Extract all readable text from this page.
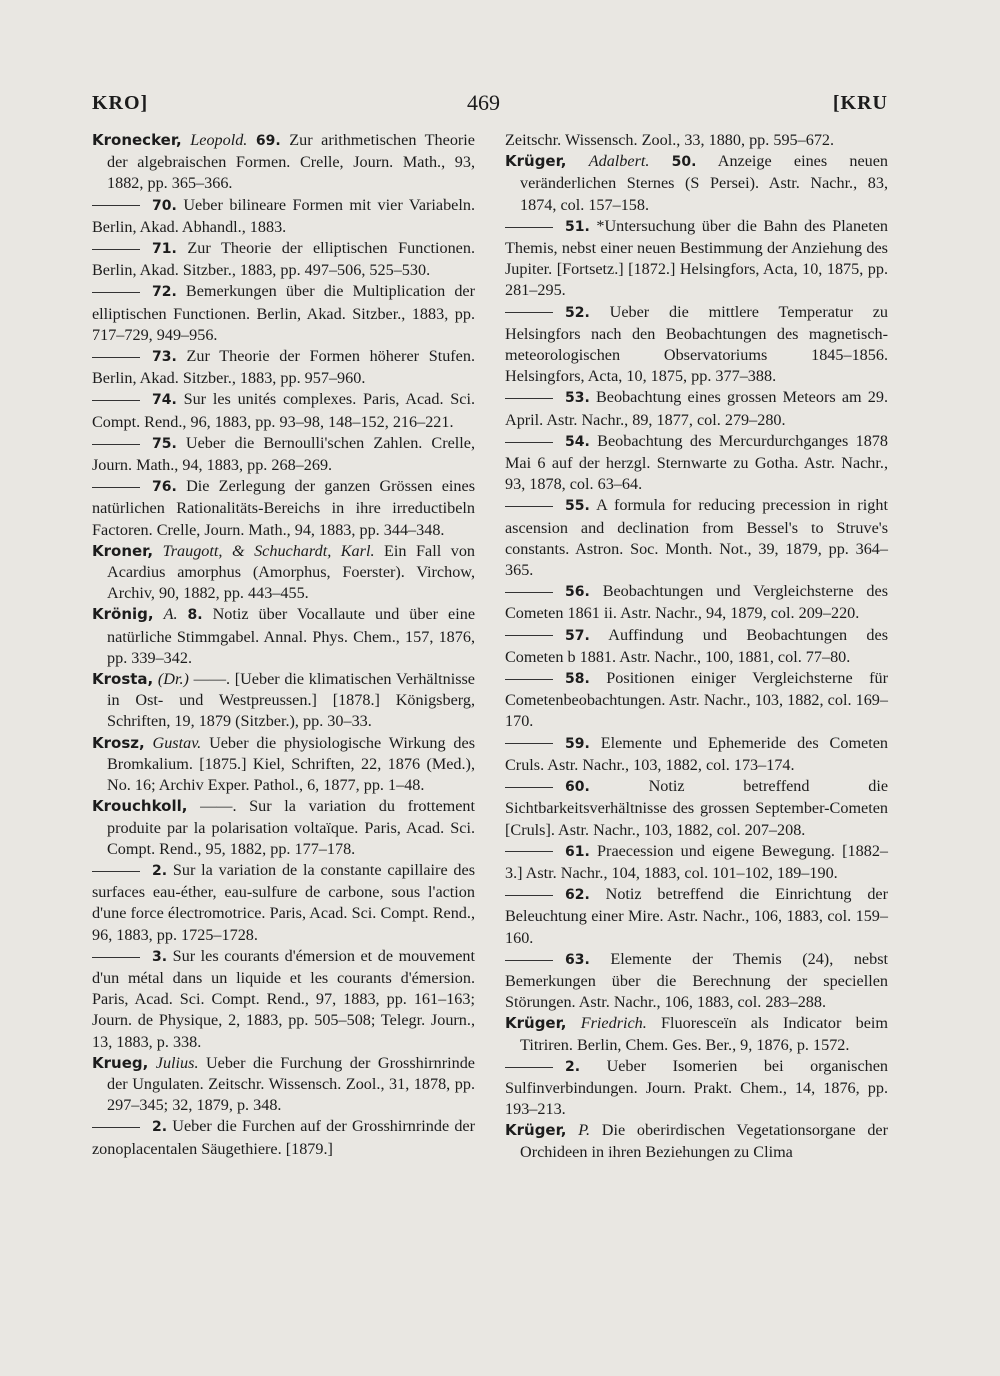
KRO]	469	[KRU
Kronecker, Leopold. 69. Zur arithmetischen Theorie der algebraischen Formen. Crelle, Journ. Math., 93, 1882, pp. 365–366.
70. Ueber bilineare Formen mit vier Variabeln. Berlin, Akad. Abhandl., 1883.
71. Zur Theorie der elliptischen Functionen. Berlin, Akad. Sitzber., 1883, pp. 497–506, 525–530.
72. Bemerkungen über die Multiplication der elliptischen Functionen. Berlin, Akad. Sitzber., 1883, pp. 717–729, 949–956.
73. Zur Theorie der Formen höherer Stufen. Berlin, Akad. Sitzber., 1883, pp. 957–960.
74. Sur les unités complexes. Paris, Acad. Sci. Compt. Rend., 96, 1883, pp. 93–98, 148–152, 216–221.
75. Ueber die Bernoulli'schen Zahlen. Crelle, Journ. Math., 94, 1883, pp. 268–269.
76. Die Zerlegung der ganzen Grössen eines natürlichen Rationalitäts-Bereichs in ihre irreductibeln Factoren. Crelle, Journ. Math., 94, 1883, pp. 344–348.
Kroner, Traugott, & Schuchardt, Karl. Ein Fall von Acardius amorphus (Amorphus, Foerster). Virchow, Archiv, 90, 1882, pp. 443–455.
Krönig, A. 8. Notiz über Vocallaute und über eine natürliche Stimmgabel. Annal. Phys. Chem., 157, 1876, pp. 339–342.
Krosta, (Dr.) ——. [Ueber die klimatischen Verhältnisse in Ost- und Westpreussen.] [1878.] Königsberg, Schriften, 19, 1879 (Sitzber.), pp. 30–33.
Krosz, Gustav. Ueber die physiologische Wirkung des Bromkalium. [1875.] Kiel, Schriften, 22, 1876 (Med.), No. 16; Archiv Exper. Pathol., 6, 1877, pp. 1–48.
Krouchkoll, ——. Sur la variation du frottement produite par la polarisation voltaïque. Paris, Acad. Sci. Compt. Rend., 95, 1882, pp. 177–178.
2. Sur la variation de la constante capillaire des surfaces eau-éther, eau-sulfure de carbone, sous l'action d'une force électromotrice. Paris, Acad. Sci. Compt. Rend., 96, 1883, pp. 1725–1728.
3. Sur les courants d'émersion et de mouvement d'un métal dans un liquide et les courants d'émersion. Paris, Acad. Sci. Compt. Rend., 97, 1883, pp. 161–163; Journ. de Physique, 2, 1883, pp. 505–508; Telegr. Journ., 13, 1883, p. 338.
Krueg, Julius. Ueber die Furchung der Grosshirnrinde der Ungulaten. Zeitschr. Wissensch. Zool., 31, 1878, pp. 297–345; 32, 1879, p. 348.
2. Ueber die Furchen auf der Grosshirnrinde der zonoplacentalen Säugethiere. [1879.]
Zeitschr. Wissensch. Zool., 33, 1880, pp. 595–672.
Krüger, Adalbert. 50. Anzeige eines neuen veränderlichen Sternes (S Persei). Astr. Nachr., 83, 1874, col. 157–158.
51. *Untersuchung über die Bahn des Planeten Themis, nebst einer neuen Bestimmung der Anziehung des Jupiter. [Fortsetz.] [1872.] Helsingfors, Acta, 10, 1875, pp. 281–295.
52. Ueber die mittlere Temperatur zu Helsingfors nach den Beobachtungen des magnetisch-meteorologischen Observatoriums 1845–1856. Helsingfors, Acta, 10, 1875, pp. 377–388.
53. Beobachtung eines grossen Meteors am 29. April. Astr. Nachr., 89, 1877, col. 279–280.
54. Beobachtung des Mercurdurchganges 1878 Mai 6 auf der herzgl. Sternwarte zu Gotha. Astr. Nachr., 93, 1878, col. 63–64.
55. A formula for reducing precession in right ascension and declination from Bessel's to Struve's constants. Astron. Soc. Month. Not., 39, 1879, pp. 364–365.
56. Beobachtungen und Vergleichsterne des Cometen 1861 ii. Astr. Nachr., 94, 1879, col. 209–220.
57. Auffindung und Beobachtungen des Cometen b 1881. Astr. Nachr., 100, 1881, col. 77–80.
58. Positionen einiger Vergleichsterne für Cometenbeobachtungen. Astr. Nachr., 103, 1882, col. 169–170.
59. Elemente und Ephemeride des Cometen Cruls. Astr. Nachr., 103, 1882, col. 173–174.
60.	Notiz betreffend die Sichtbarkeitsverhältnisse des grossen September-Cometen [Cruls]. Astr. Nachr., 103, 1882, col. 207–208.
61. Praecession und eigene Bewegung. [1882–3.] Astr. Nachr., 104, 1883, col. 101–102, 189–190.
62. Notiz betreffend die Einrichtung der Beleuchtung einer Mire. Astr. Nachr., 106, 1883, col. 159–160.
63. Elemente der Themis (24), nebst Bemerkungen über die Berechnung der speciellen Störungen. Astr. Nachr., 106, 1883, col. 283–288.
Krüger, Friedrich. Fluoresceïn als Indicator beim Titriren. Berlin, Chem. Ges. Ber., 9, 1876, p. 1572.
2. Ueber Isomerien bei organischen Sulfinverbindungen. Journ. Prakt. Chem., 14, 1876, pp. 193–213.
Krüger, P. Die oberirdischen Vegetationsorgane der Orchideen in ihren Beziehungen zu Clima
